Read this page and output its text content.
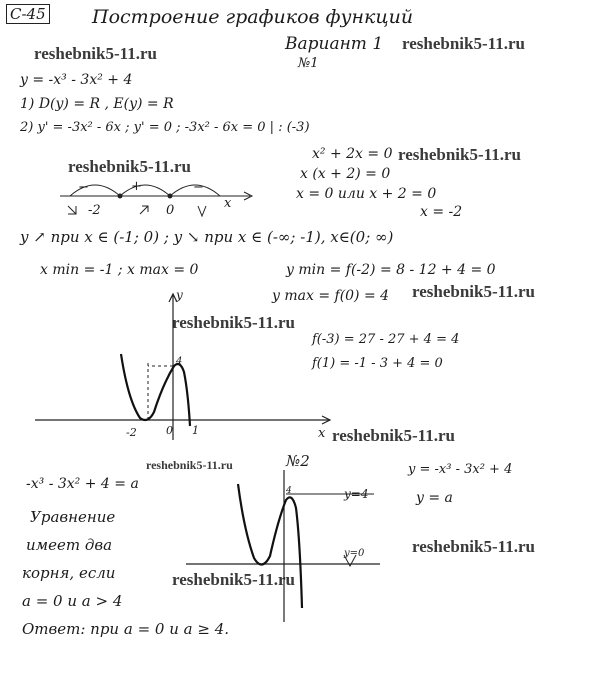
С-45 Построение графиков функций
Вариант 1
№1
reshebnik5-11.ru
reshebnik5-11.ru
reshebnik5-11.ru
reshebnik5-11.ru
reshebnik5-11.ru
reshebnik5-11.ru
reshebnik5-11.ru
reshebnik5-11.ru
reshebnik5-11.ru
reshebnik5-11.ru
y = -x³ - 3x² + 4
1) D(y) = R , E(y) = R
2) y' = -3x² - 6x ; y' = 0 ; -3x² - 6x = 0 | : (-3)
x² + 2x = 0
x (x + 2) = 0
x = 0 или x + 2 = 0
x = -2
−	+	−
-2	0	x
y ↗ при x ∈ (-1; 0) ; y ↘ при x ∈ (-∞; -1), x∈(0; ∞)
x min = -1 ; x max = 0	y min = f(-2) = 8 - 12 + 4 = 0
y max = f(0) = 4
f(-3) = 27 - 27 + 4 = 4
f(1) = -1 - 3 + 4 = 0
y
x
4
-2	0 1
№2
-x³ - 3x² + 4 = a
Уравнение
имеет два
корня, если
a = 0 и a > 4
Ответ: при a = 0 и a ≥ 4.
y = -x³ - 3x² + 4
y = a
y=4
y=0
4
